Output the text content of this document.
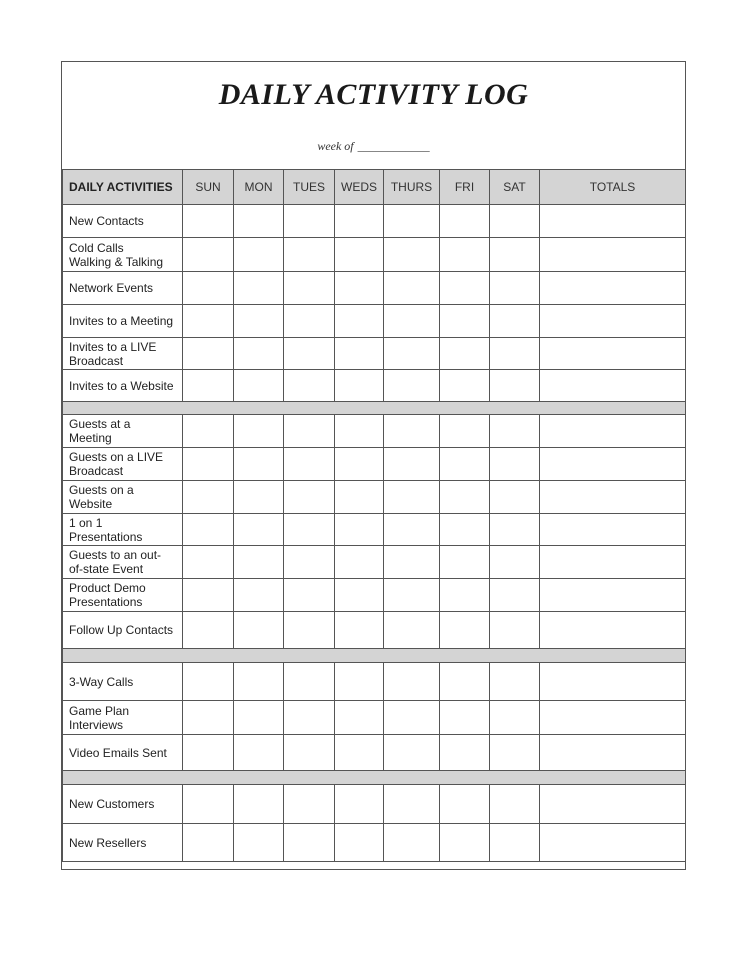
DAILY ACTIVITY LOG
week of ____________
DAILY ACTIVITIES	SUN	MON	TUES	WEDS	THURS	FRI	SAT	TOTALS

New Contacts								

Cold Calls
Walking & Talking								

Network Events								

Invites to a Meeting								

Invites to a LIVE
Broadcast								

Invites to a Website								

Guests at a
Meeting								

Guests on a LIVE
Broadcast								

Guests on a
Website								

1 on 1
Presentations								

Guests to an out-
of-state Event								

Product Demo
Presentations								

Follow Up Contacts								

3-Way Calls								

Game Plan
Interviews								

Video Emails Sent								

New Customers								

New Resellers								
